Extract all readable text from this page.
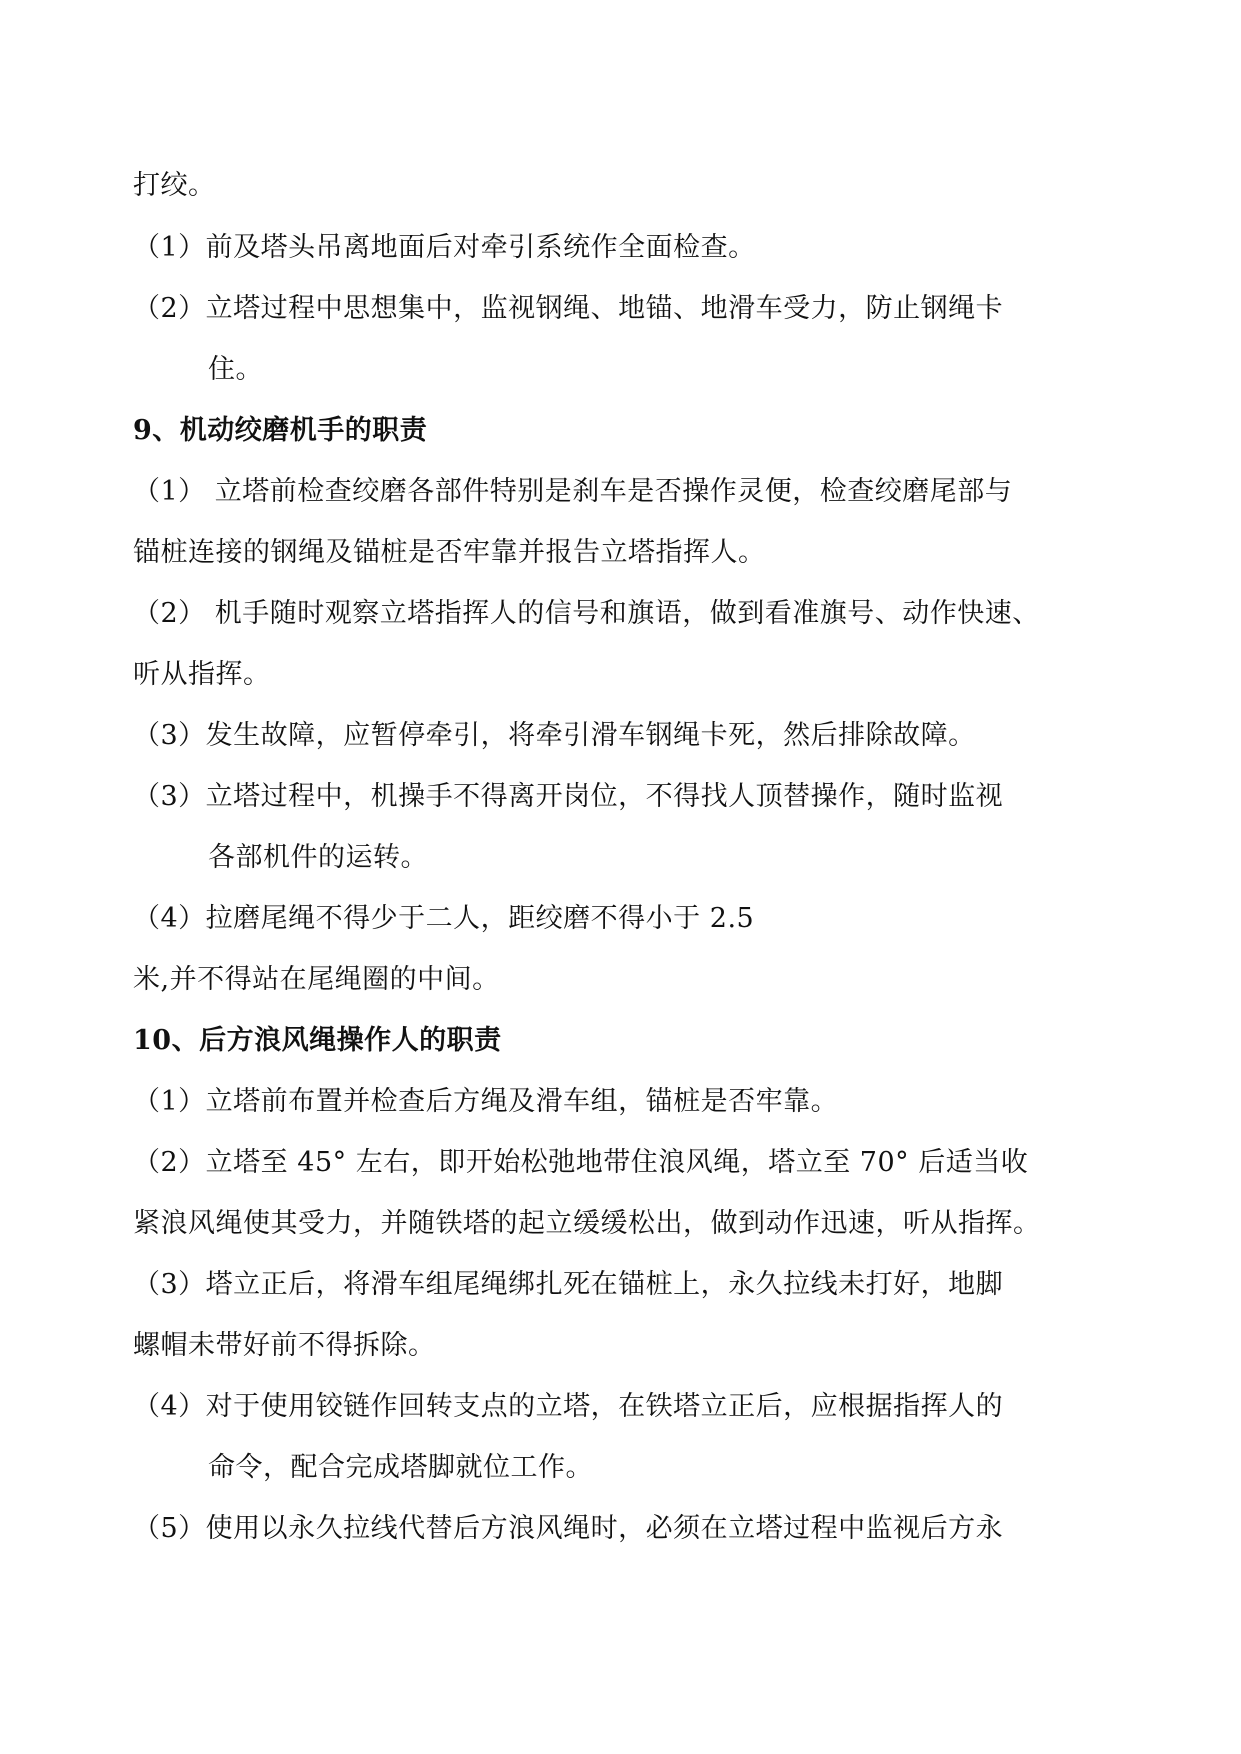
打绞。
（1）前及塔头吊离地面后对牵引系统作全面检查。
（2）立塔过程中思想集中，监视钢绳、地锚、地滑车受力，防止钢绳卡
住。
9、机动绞磨机手的职责
（1） 立塔前检查绞磨各部件特别是刹车是否操作灵便，检查绞磨尾部与
锚桩连接的钢绳及锚桩是否牢靠并报告立塔指挥人。
（2） 机手随时观察立塔指挥人的信号和旗语，做到看准旗号、动作快速、
听从指挥。
（3）发生故障，应暂停牵引，将牵引滑车钢绳卡死，然后排除故障。
（3）立塔过程中，机操手不得离开岗位，不得找人顶替操作，随时监视
各部机件的运转。
（4）拉磨尾绳不得少于二人，距绞磨不得小于 2.5
米,并不得站在尾绳圈的中间。
10、后方浪风绳操作人的职责
（1）立塔前布置并检查后方绳及滑车组，锚桩是否牢靠。
（2）立塔至 45° 左右，即开始松弛地带住浪风绳，塔立至 70° 后适当收
紧浪风绳使其受力，并随铁塔的起立缓缓松出，做到动作迅速，听从指挥。
（3）塔立正后，将滑车组尾绳绑扎死在锚桩上，永久拉线未打好，地脚
螺帽未带好前不得拆除。
（4）对于使用铰链作回转支点的立塔，在铁塔立正后，应根据指挥人的
命令，配合完成塔脚就位工作。
（5）使用以永久拉线代替后方浪风绳时，必须在立塔过程中监视后方永
